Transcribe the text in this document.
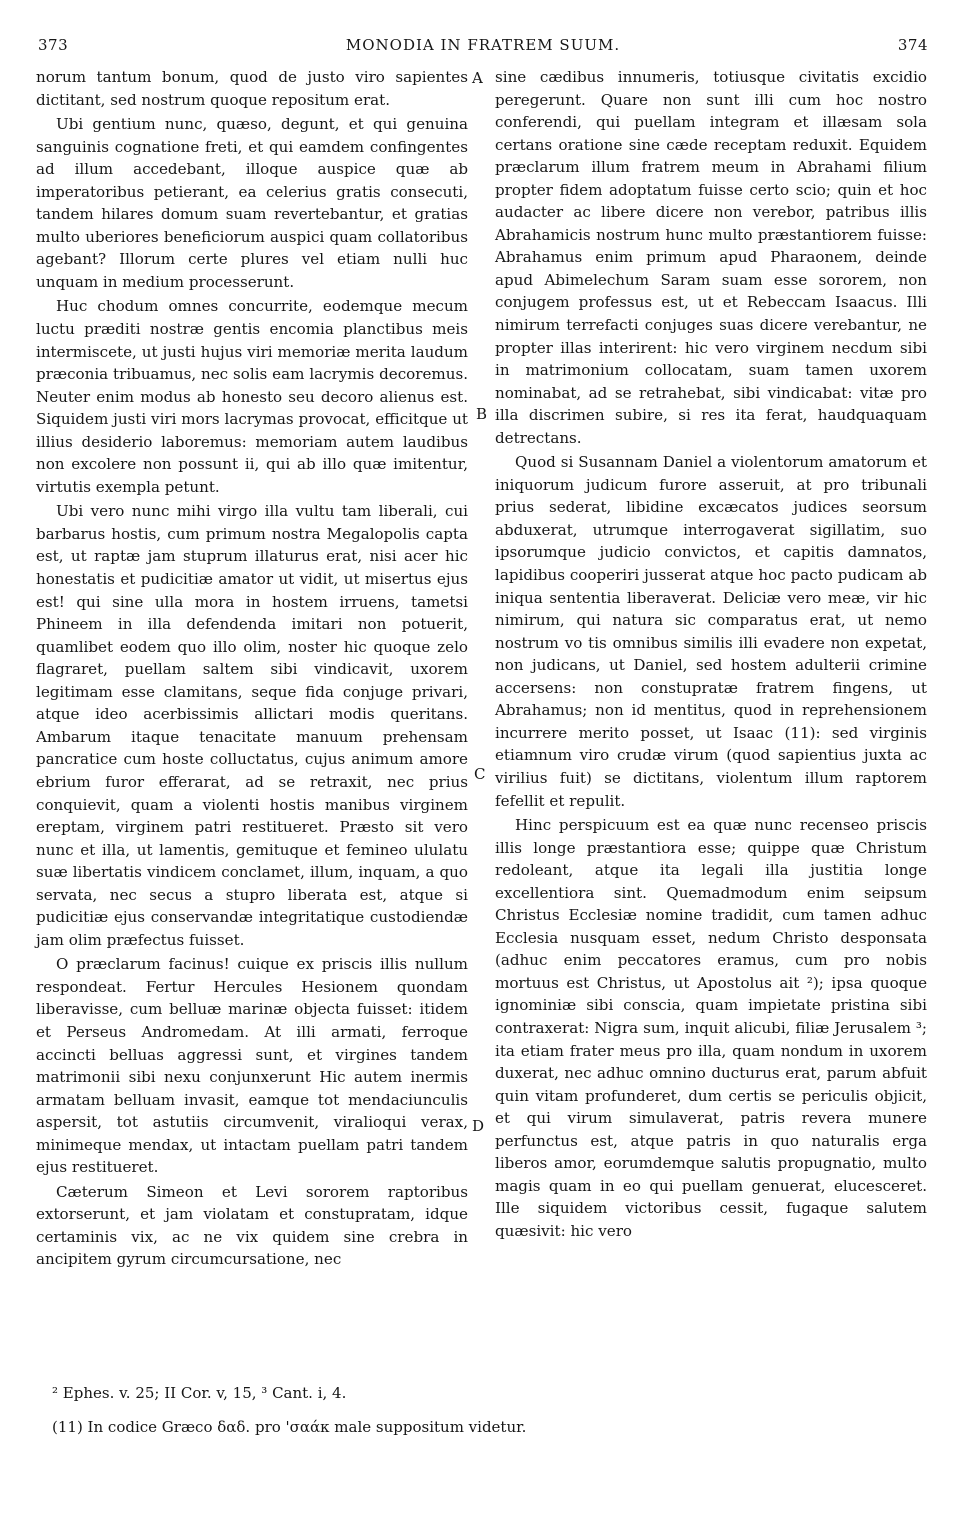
373	MONODIA IN FRATREM SUUM.	374

norum tantum bonum, quod de justo viro sapientes dictitant, sed nostrum quoque repositum erat.

Ubi gentium nunc, quæso, degunt, et qui genuina sanguinis cognatione freti, et qui eamdem confingentes ad illum accedebant, illoque auspice quæ ab imperatoribus petierant, ea celerius gratis consecuti, tandem hilares domum suam revertebantur, et gratias multo uberiores beneficiorum auspici quam collatoribus agebant? Illorum certe plures vel etiam nulli huc unquam in medium processerunt.

Huc chodum omnes concurrite, eodemque mecum luctu præditi nostræ gentis encomia planctibus meis intermiscete, ut justi hujus viri memoriæ merita laudum præconia tribuamus, nec solis eam lacrymis decoremus. Neuter enim modus ab honesto seu decoro alienus est. Siquidem justi viri mors lacrymas provocat, efficitque ut illius desiderio laboremus: memoriam autem laudibus non excolere non possunt ii, qui ab illo quæ imitentur, virtutis exempla petunt.

Ubi vero nunc mihi virgo illa vultu tam liberali, cui barbarus hostis, cum primum nostra Megalopolis capta est, ut raptæ jam stuprum illaturus erat, nisi acer hic honestatis et pudicitiæ amator ut vidit, ut misertus ejus est! qui sine ulla mora in hostem irruens, tametsi Phineem in illa defendenda imitari non potuerit, quamlibet eodem quo illo olim, noster hic quoque zelo flagraret, puellam saltem sibi vindicavit, uxorem legitimam esse clamitans, seque fida conjuge privari, atque ideo acerbissimis allictari modis queritans. Ambarum itaque tenacitate manuum prehensam pancratice cum hoste colluctatus, cujus animum amore ebrium furor efferarat, ad se retraxit, nec prius conquievit, quam a violenti hostis manibus virginem ereptam, virginem patri restitueret. Præsto sit vero nunc et illa, ut lamentis, gemituque et femineo ululatu suæ libertatis vindicem conclamet, illum, inquam, a quo servata, nec secus a stupro liberata est, atque si pudicitiæ ejus conservandæ integritatique custodiendæ jam olim præfectus fuisset.

O præclarum facinus! cuique ex priscis illis nullum respondeat. Fertur Hercules Hesionem quondam liberavisse, cum belluæ marinæ objecta fuisset: itidem et Perseus Andromedam. At illi armati, ferroque accincti belluas aggressi sunt, et virgines tandem matrimonii sibi nexu conjunxerunt Hic autem inermis armatam belluam invasit, eamque tot mendaciunculis aspersit, tot astutiis circumvenit, viralioqui verax, minimeque mendax, ut intactam puellam patri tandem ejus restitueret.

Cæterum Simeon et Levi sororem raptoribus extorserunt, et jam violatam et constupratam, idque certaminis vix, ac ne vix quidem sine crebra in ancipitem gyrum circumcursatione, nec

A
B
C
D

sine cædibus innumeris, totiusque civitatis excidio peregerunt. Quare non sunt illi cum hoc nostro conferendi, qui puellam integram et illæsam sola certans oratione sine cæde receptam reduxit. Equidem præclarum illum fratrem meum in Abrahami filium propter fidem adoptatum fuisse certo scio; quin et hoc audacter ac libere dicere non verebor, patribus illis Abrahamicis nostrum hunc multo præstantiorem fuisse: Abrahamus enim primum apud Pharaonem, deinde apud Abimelechum Saram suam esse sororem, non conjugem professus est, ut et Rebeccam Isaacus. Illi nimirum terrefacti conjuges suas dicere verebantur, ne propter illas interirent: hic vero virginem necdum sibi in matrimonium collocatam, suam tamen uxorem nominabat, ad se retrahebat, sibi vindicabat: vitæ pro illa discrimen subire, si res ita ferat, haudquaquam detrectans.

Quod si Susannam Daniel a violentorum amatorum et iniquorum judicum furore asseruit, at pro tribunali prius sederat, libidine excæcatos judices seorsum abduxerat, utrumque interrogaverat sigillatim, suo ipsorumque judicio convictos, et capitis damnatos, lapidibus cooperiri jusserat atque hoc pacto pudicam ab iniqua sententia liberaverat. Deliciæ vero meæ, vir hic nimirum, qui natura sic comparatus erat, ut nemo nostrum vo tis omnibus similis illi evadere non expetat, non judicans, ut Daniel, sed hostem adulterii crimine accersens: non constupratæ fratrem fingens, ut Abrahamus; non id mentitus, quod in reprehensionem incurrere merito posset, ut Isaac (11): sed virginis etiamnum viro crudæ virum (quod sapientius juxta ac virilius fuit) se dictitans, violentum illum raptorem fefellit et repulit.

Hinc perspicuum est ea quæ nunc recenseo priscis illis longe præstantiora esse; quippe quæ Christum redoleant, atque ita legali illa justitia longe excellentiora sint. Quemadmodum enim seipsum Christus Ecclesiæ nomine tradidit, cum tamen adhuc Ecclesia nusquam esset, nedum Christo desponsata (adhuc enim peccatores eramus, cum pro nobis mortuus est Christus, ut Apostolus ait ²); ipsa quoque ignominiæ sibi conscia, quam impietate pristina sibi contraxerat: Nigra sum, inquit alicubi, filiæ Jerusalem ³; ita etiam frater meus pro illa, quam nondum in uxorem duxerat, nec adhuc omnino ducturus erat, parum abfuit quin vitam profunderet, dum certis se periculis objicit, et qui virum simulaverat, patris revera munere perfunctus est, atque patris in quo naturalis erga liberos amor, eorumdemque salutis propugnatio, multo magis quam in eo qui puellam genuerat, elucesceret. Ille siquidem victoribus cessit, fugaque salutem quæsivit: hic vero

² Ephes. v. 25; II Cor. v, 15, ³ Cant. i, 4.
(11) In codice Græco δαδ. pro 'σαάκ male suppositum videtur.
